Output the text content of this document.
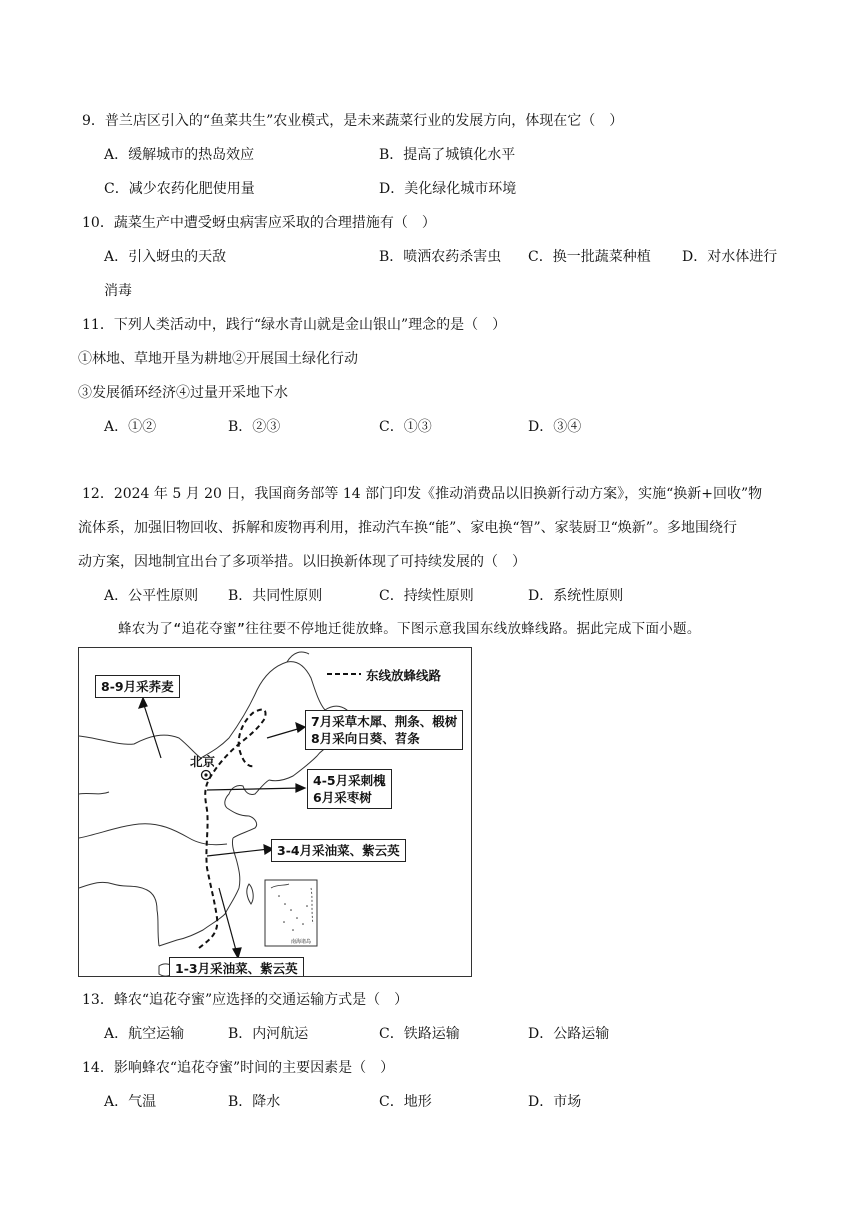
9．普兰店区引入的“鱼菜共生”农业模式，是未来蔬菜行业的发展方向，体现在它（　）
A．缓解城市的热岛效应	B．提高了城镇化水平
C．减少农药化肥使用量	D．美化绿化城市环境
10．蔬菜生产中遭受蚜虫病害应采取的合理措施有（　）
A．引入蚜虫的天敌	B．喷洒农药杀害虫 C．换一批蔬菜种植 D．对水体进行
消毒
11．下列人类活动中，践行“绿水青山就是金山银山”理念的是（　）
①林地、草地开垦为耕地②开展国土绿化行动
③发展循环经济④过量开采地下水
A．①②	B．②③	C．①③	D．③④
12．2024 年 5 月 20 日，我国商务部等 14 部门印发《推动消费品以旧换新行动方案》，实施“换新+回收”物
流体系，加强旧物回收、拆解和废物再利用，推动汽车换“能”、家电换“智”、家装厨卫“焕新”。多地围绕行
动方案，因地制宜出台了多项举措。以旧换新体现了可持续发展的（　）
A．公平性原则 B．共同性原则	C．持续性原则	D．系统性原则
蜂农为了“追花夺蜜”往往要不停地迁徙放蜂。下图示意我国东线放蜂线路。据此完成下面小题。
东线放蜂线路
8-9月采荞麦
7月采草木犀、荆条、椴树
8月采向日葵、苕条
北京
4-5月采刺槐
6月采枣树
3-4月采油菜、紫云英
南海诸岛
1-3月采油菜、紫云英
13．蜂农“追花夺蜜”应选择的交通运输方式是（　）
A．航空运输	B．内河航运	C．铁路运输	D．公路运输
14．影响蜂农“追花夺蜜”时间的主要因素是（　）
A．气温	B．降水	C．地形	D．市场
